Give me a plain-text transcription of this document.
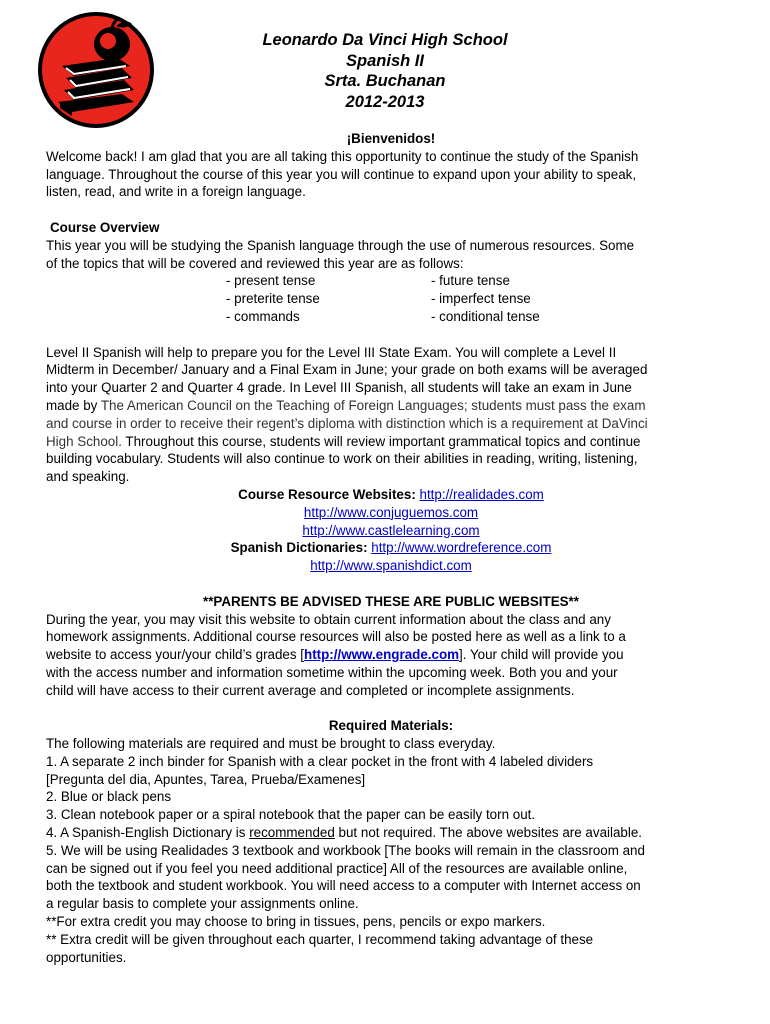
Leonardo Da Vinci High School
Spanish II
Srta. Buchanan
2012-2013
¡Bienvenidos!
Welcome back! I am glad that you are all taking this opportunity to continue the study of the Spanish
language. Throughout the course of this year you will continue to expand upon your ability to speak,
listen, read, and write in a foreign language.
Course Overview
This year you will be studying the Spanish language through the use of numerous resources. Some
of the topics that will be covered and reviewed this year are as follows:
- present tense
- preterite tense
- commands
- future tense
- imperfect tense
- conditional tense
Level II Spanish will help to prepare you for the Level III State Exam. You will complete a Level II
Midterm in December/ January and a Final Exam in June; your grade on both exams will be averaged
into your Quarter 2 and Quarter 4 grade. In Level III Spanish, all students will take an exam in June
made by The American Council on the Teaching of Foreign Languages; students must pass the exam
and course in order to receive their regent’s diploma with distinction which is a requirement at DaVinci
High School. Throughout this course, students will review important grammatical topics and continue
building vocabulary. Students will also continue to work on their abilities in reading, writing, listening,
and speaking.
Course Resource Websites: http://realidades.com
http://www.conjuguemos.com
http://www.castlelearning.com
Spanish Dictionaries: http://www.wordreference.com
http://www.spanishdict.com
**PARENTS BE ADVISED THESE ARE PUBLIC WEBSITES**
During the year, you may visit this website to obtain current information about the class and any
homework assignments. Additional course resources will also be posted here as well as a link to a
website to access your/your child’s grades [http://www.engrade.com]. Your child will provide you
with the access number and information sometime within the upcoming week. Both you and your
child will have access to their current average and completed or incomplete assignments.
Required Materials:
The following materials are required and must be brought to class everyday.
1. A separate 2 inch binder for Spanish with a clear pocket in the front with 4 labeled dividers
[Pregunta del dia, Apuntes, Tarea, Prueba/Examenes]
2. Blue or black pens
3. Clean notebook paper or a spiral notebook that the paper can be easily torn out.
4. A Spanish-English Dictionary is recommended but not required. The above websites are available.
5. We will be using Realidades 3 textbook and workbook [The books will remain in the classroom and
can be signed out if you feel you need additional practice] All of the resources are available online,
both the textbook and student workbook. You will need access to a computer with Internet access on
a regular basis to complete your assignments online.
**For extra credit you may choose to bring in tissues, pens, pencils or expo markers.
** Extra credit will be given throughout each quarter, I recommend taking advantage of these
opportunities.
